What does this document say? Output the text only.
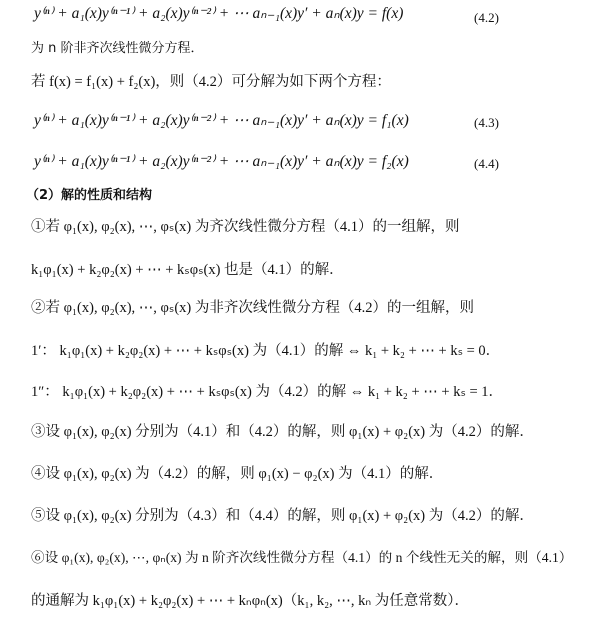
y⁽ⁿ⁾ + a₁(x)y⁽ⁿ⁻¹⁾ + a₂(x)y⁽ⁿ⁻²⁾ + ⋯ aₙ₋₁(x)y′ + aₙ(x)y = f(x)	(4.2)
为 n 阶非齐次线性微分方程．
若 f(x) = f₁(x) + f₂(x)，则（4.2）可分解为如下两个方程：
y⁽ⁿ⁾ + a₁(x)y⁽ⁿ⁻¹⁾ + a₂(x)y⁽ⁿ⁻²⁾ + ⋯ aₙ₋₁(x)y′ + aₙ(x)y = f₁(x)	(4.3)
y⁽ⁿ⁾ + a₁(x)y⁽ⁿ⁻¹⁾ + a₂(x)y⁽ⁿ⁻²⁾ + ⋯ aₙ₋₁(x)y′ + aₙ(x)y = f₂(x)	(4.4)
（2）解的性质和结构
①若 φ₁(x), φ₂(x), ⋯, φₛ(x) 为齐次线性微分方程（4.1）的一组解，则
k₁φ₁(x) + k₂φ₂(x) + ⋯ + kₛφₛ(x) 也是（4.1）的解．
②若 φ₁(x), φ₂(x), ⋯, φₛ(x) 为非齐次线性微分方程（4.2）的一组解，则
1′： k₁φ₁(x) + k₂φ₂(x) + ⋯ + kₛφₛ(x) 为（4.1）的解 ⇔ k₁ + k₂ + ⋯ + kₛ = 0．
1″： k₁φ₁(x) + k₂φ₂(x) + ⋯ + kₛφₛ(x) 为（4.2）的解 ⇔ k₁ + k₂ + ⋯ + kₛ = 1．
③设 φ₁(x), φ₂(x) 分别为（4.1）和（4.2）的解，则 φ₁(x) + φ₂(x) 为（4.2）的解．
④设 φ₁(x), φ₂(x) 为（4.2）的解，则 φ₁(x) − φ₂(x) 为（4.1）的解．
⑤设 φ₁(x), φ₂(x) 分别为（4.3）和（4.4）的解，则 φ₁(x) + φ₂(x) 为（4.2）的解．
⑥设 φ₁(x), φ₂(x), ⋯, φₙ(x) 为 n 阶齐次线性微分方程（4.1）的 n 个线性无关的解，则（4.1）
的通解为 k₁φ₁(x) + k₂φ₂(x) + ⋯ + kₙφₙ(x)（k₁, k₂, ⋯, kₙ 为任意常数）．
